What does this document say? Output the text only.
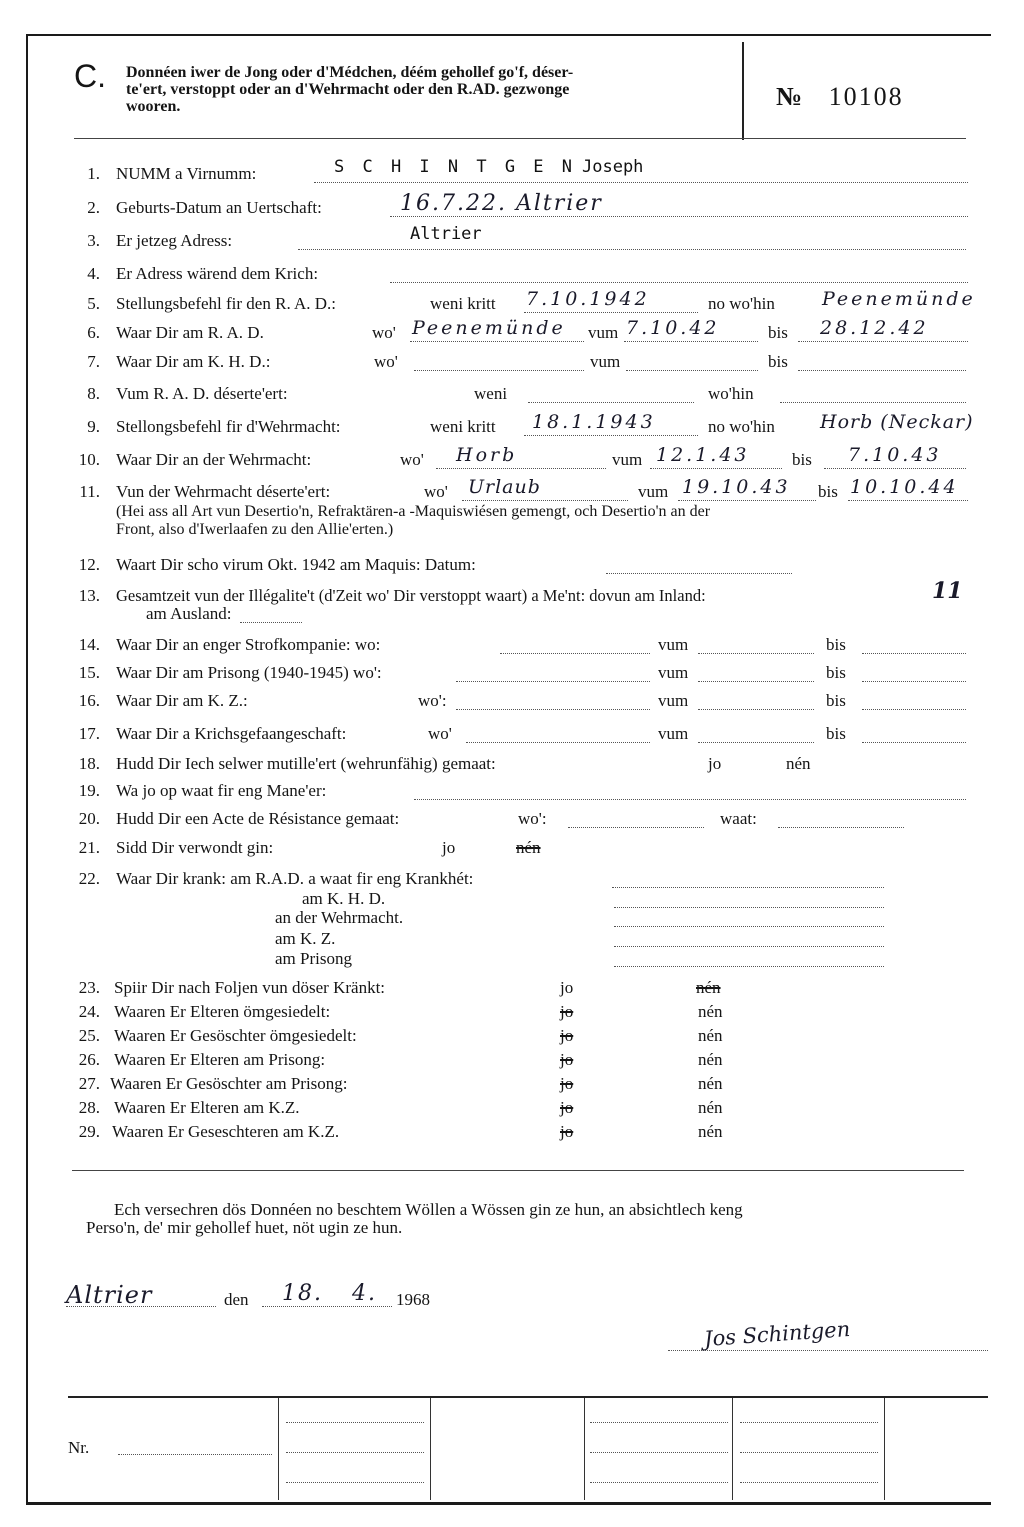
C. Donnéen iwer de Jong oder d'Médchen, déém gehollef go'f, déser-
te'ert, verstoppt oder an d'Wehrmacht oder den R.AD. gezwonge
wooren.	№ 10108
1. NUMM a Virnumm:	S C H I N T G E N Joseph
2. Geburts-Datum an Uertschaft:	16.7.22. Altrier
3. Er jetzeg Adress:	Altrier
4. Er Adress wärend dem Krich:
5. Stellungsbefehl fir den R. A. D.:	weni kritt 7.10.1942	no wo'hin Peenemünde
6. Waar Dir am R. A. D.	wo' Peenemünde vum 7.10.42	bis 28.12.42
7. Waar Dir am K. H. D.:	wo'	vum	bis
8. Vum R. A. D. déserte'ert:	weni	wo'hin
9. Stellongsbefehl fir d'Wehrmacht:	weni kritt 18.1.1943	no wo'hin Horb (Neckar)
10. Waar Dir an der Wehrmacht:	wo' Horb	vum 12.1.43 bis 7.10.43
11. Vun der Wehrmacht déserte'ert:	wo' Urlaub	vum 19.10.43 bis 10.10.44
(Hei ass all Art vun Desertio'n, Refraktären-a -Maquiswiésen gemengt, och Desertio'n an der
Front, also d'Iwerlaafen zu den Allie'erten.)
12. Waart Dir scho virum Okt. 1942 am Maquis: Datum:
13. Gesamtzeit vun der Illégalite't (d'Zeit wo' Dir verstoppt waart) a Me'nt: dovun am Inland:	11
am Ausland:
14. Waar Dir an enger Strofkompanie: wo:	vum	bis
15. Waar Dir am Prisong (1940-1945) wo':	vum	bis
16. Waar Dir am K. Z.:	wo':	vum	bis
17. Waar Dir a Krichsgefaangeschaft:	wo'	vum	bis
18. Hudd Dir Iech selwer mutille'ert (wehrunfähig) gemaat:	jo	nén
19. Wa jo op waat fir eng Mane'er:
20. Hudd Dir een Acte de Résistance gemaat:	wo':	waat:
21. Sidd Dir verwondt gin:	jo	nén
22. Waar Dir krank: am R.A.D. a waat fir eng Krankhét:
am K. H. D.
an der Wehrmacht.
am K. Z.
am Prisong
23. Spiir Dir nach Foljen vun döser Kränkt:	jo	nén
24. Waaren Er Elteren ömgesiedelt:	jo	nén
25. Waaren Er Gesöschter ömgesiedelt:	jo	nén
26. Waaren Er Elteren am Prisong:	jo	nén
27. Waaren Er Gesöschter am Prisong:	jo	nén
28. Waaren Er Elteren am K.Z.	jo	nén
29. Waaren Er Geseschteren am K.Z.	jo	nén
Ech versechren dös Donnéen no beschtem Wöllen a Wössen gin ze hun, an absichtlech keng
Perso'n, de' mir gehollef huet, nöt ugin ze hun.
Altrier	den 18. 4. 1968
Jos Schintgen
Nr.
